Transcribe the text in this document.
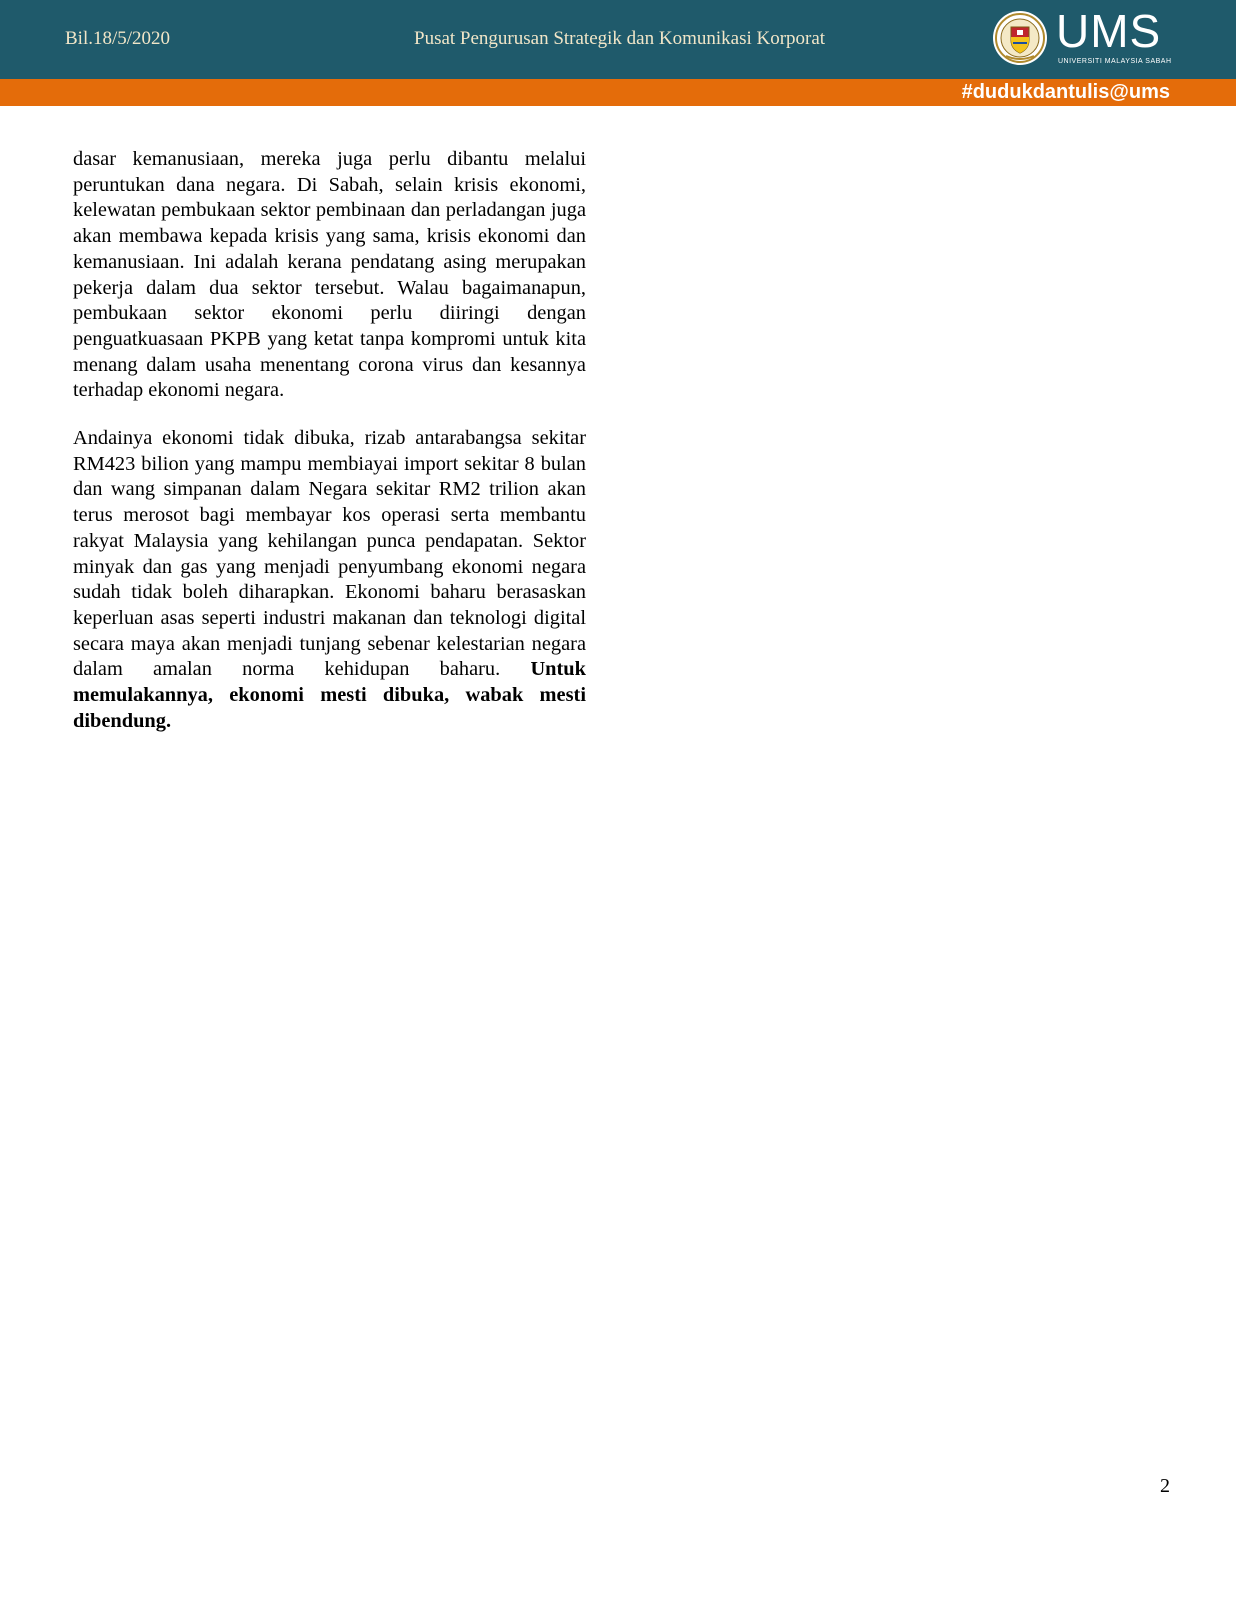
Bil.18/5/2020	Pusat Pengurusan Strategik dan Komunikasi Korporat	UMS
UNIVERSITI MALAYSIA SABAH
#dudukdantulis@ums

dasar kemanusiaan, mereka juga perlu dibantu melalui peruntukan dana negara. Di Sabah, selain krisis ekonomi, kelewatan pembukaan sektor pembinaan dan perladangan juga akan membawa kepada krisis yang sama, krisis ekonomi dan kemanusiaan. Ini adalah kerana pendatang asing merupakan pekerja dalam dua sektor tersebut. Walau bagaimanapun, pembukaan sektor ekonomi perlu diiringi dengan penguatkuasaan PKPB yang ketat tanpa kompromi untuk kita menang dalam usaha menentang corona virus dan kesannya terhadap ekonomi negara.

Andainya ekonomi tidak dibuka, rizab antarabangsa sekitar RM423 bilion yang mampu membiayai import sekitar 8 bulan dan wang simpanan dalam Negara sekitar RM2 trilion akan terus merosot bagi membayar kos operasi serta membantu rakyat Malaysia yang kehilangan punca pendapatan. Sektor minyak dan gas yang menjadi penyumbang ekonomi negara sudah tidak boleh diharapkan. Ekonomi baharu berasaskan keperluan asas seperti industri makanan dan teknologi digital secara maya akan menjadi tunjang sebenar kelestarian negara dalam amalan norma kehidupan baharu. Untuk memulakannya, ekonomi mesti dibuka, wabak mesti dibendung.

2
